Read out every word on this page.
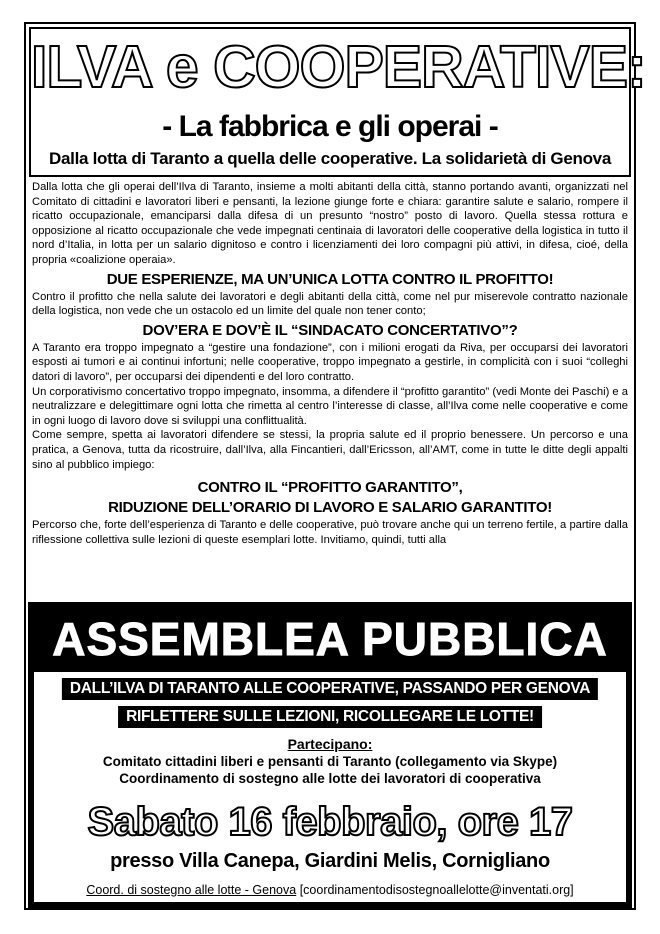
ILVA e COOPERATIVE:
- La fabbrica e gli operai -
Dalla lotta di Taranto a quella delle cooperative. La solidarietà di Genova

Dalla lotta che gli operai dell’Ilva di Taranto, insieme a molti abitanti della città, stanno portando avanti, organizzati nel Comitato di cittadini e lavoratori liberi e pensanti, la lezione giunge forte e chiara: garantire salute e salario, rompere il ricatto occupazionale, emanciparsi dalla difesa di un presunto “nostro” posto di lavoro. Quella stessa rottura e opposizione al ricatto occupazionale che vede impegnati centinaia di lavoratori delle cooperative della logistica in tutto il nord d’Italia, in lotta per un salario dignitoso e contro i licenziamenti dei loro compagni più attivi, in difesa, cioé, della propria «coalizione operaia».

DUE ESPERIENZE, MA UN’UNICA LOTTA CONTRO IL PROFITTO!

Contro il profitto che nella salute dei lavoratori e degli abitanti della città, come nel pur miserevole contratto nazionale della logistica, non vede che un ostacolo ed un limite del quale non tener conto;

DOV’ERA E DOV’È IL “SINDACATO CONCERTATIVO”?

A Taranto era troppo impegnato a “gestire una fondazione”, con i milioni erogati da Riva, per occuparsi dei lavoratori esposti ai tumori e ai continui infortuni; nelle cooperative, troppo impegnato a gestirle, in complicità con i suoi “colleghi datori di lavoro”, per occuparsi dei dipendenti e del loro contratto.

Un corporativismo concertativo troppo impegnato, insomma, a difendere il “profitto garantito” (vedi Monte dei Paschi) e a neutralizzare e delegittimare ogni lotta che rimetta al centro l’interesse di classe, all’Ilva come nelle cooperative e come in ogni luogo di lavoro dove si sviluppi una conflittualità.

Come sempre, spetta ai lavoratori difendere se stessi, la propria salute ed il proprio benessere. Un percorso e una pratica, a Genova, tutta da ricostruire, dall’Ilva, alla Fincantieri, dall’Ericsson, all’AMT, come in tutte le ditte degli appalti sino al pubblico impiego:

CONTRO IL “PROFITTO GARANTITO”,
RIDUZIONE DELL’ORARIO DI LAVORO E SALARIO GARANTITO!

Percorso che, forte dell’esperienza di Taranto e delle cooperative, può trovare anche qui un terreno fertile, a partire dalla riflessione collettiva sulle lezioni di queste esemplari lotte. Invitiamo, quindi, tutti alla

ASSEMBLEA PUBBLICA
DALL’ILVA DI TARANTO ALLE COOPERATIVE, PASSANDO PER GENOVA
RIFLETTERE SULLE LEZIONI, RICOLLEGARE LE LOTTE!
Partecipano:
Comitato cittadini liberi e pensanti di Taranto (collegamento via Skype)
Coordinamento di sostegno alle lotte dei lavoratori di cooperativa
Sabato 16 febbraio, ore 17
presso Villa Canepa, Giardini Melis, Cornigliano
Coord. di sostegno alle lotte - Genova [coordinamentodisostegnoallelotte@inventati.org]
